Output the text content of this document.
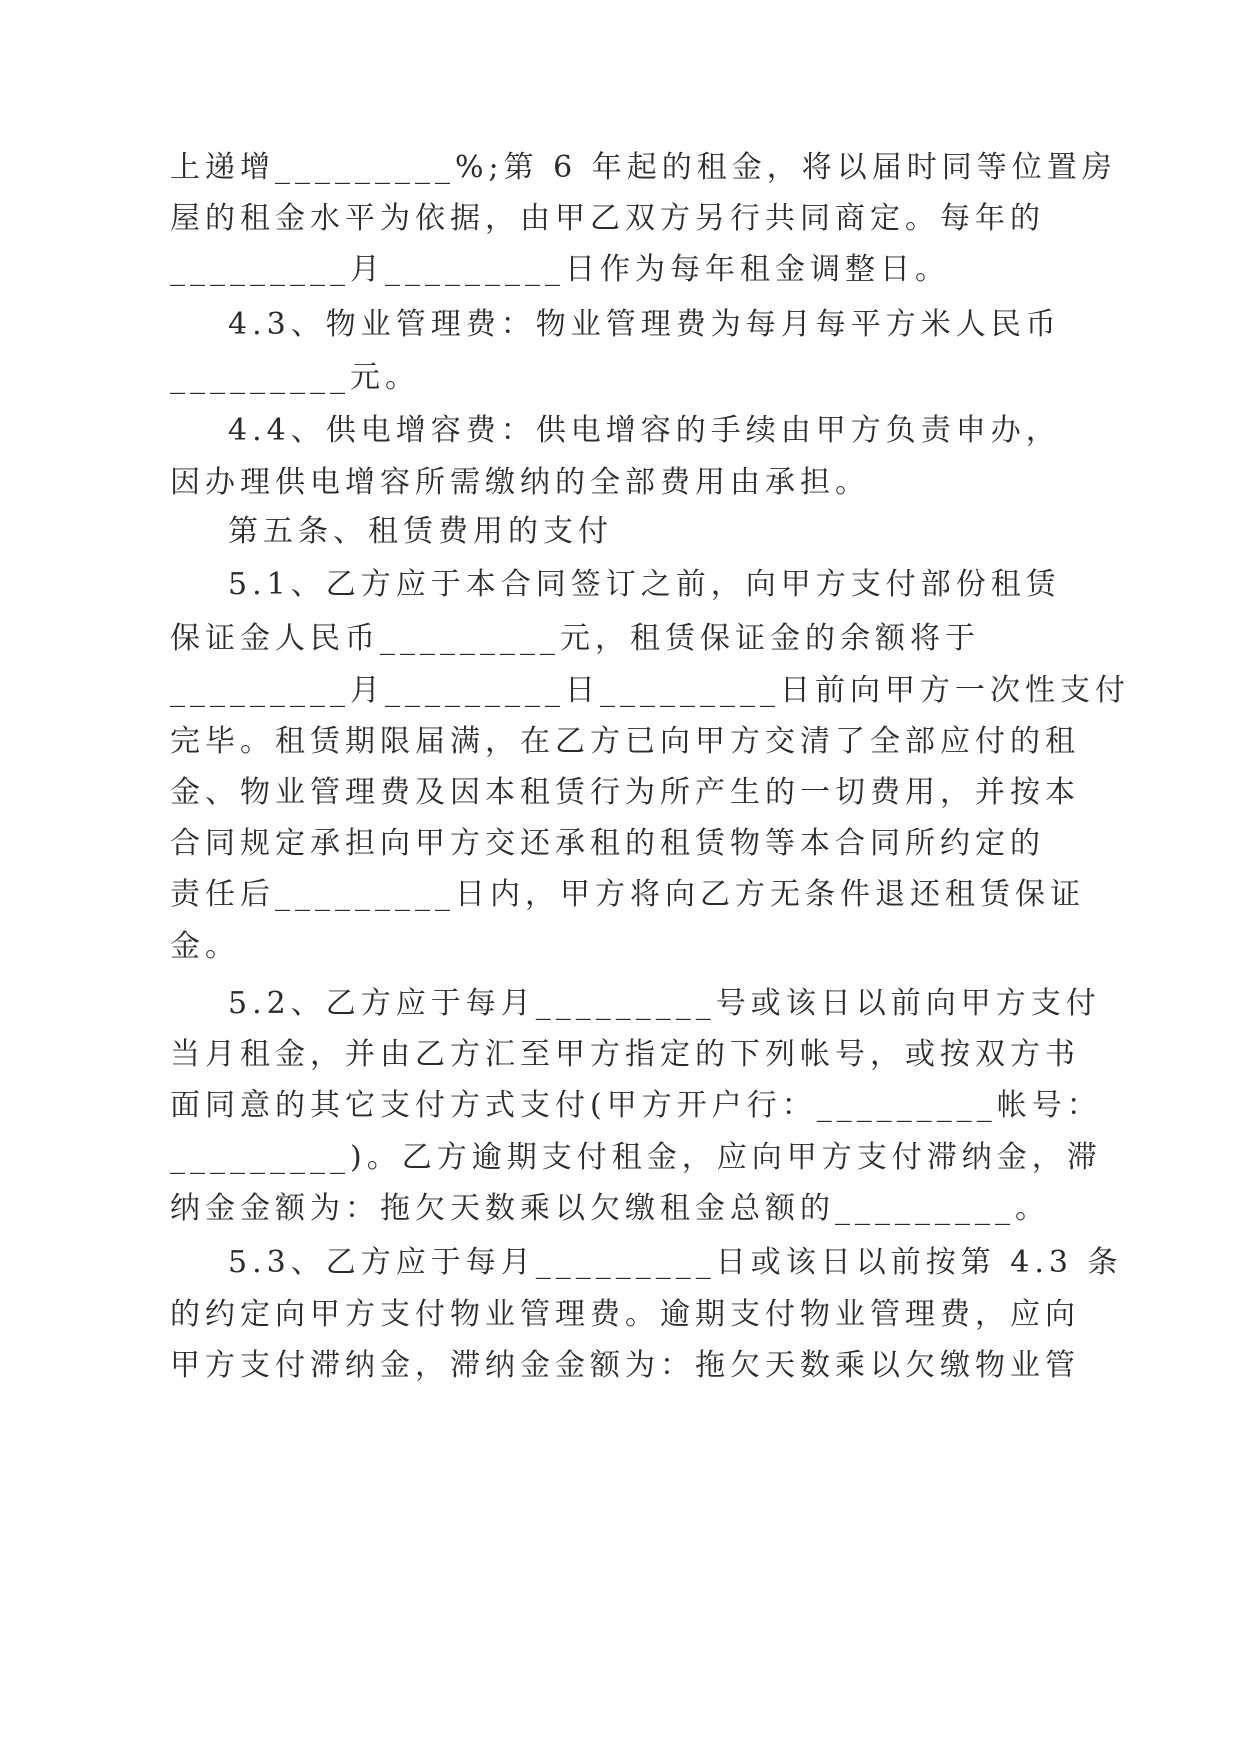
上递增_________%;第 6 年起的租金，将以届时同等位置房
屋的租金水平为依据，由甲乙双方另行共同商定。每年的
_________月_________日作为每年租金调整日。
4.3、物业管理费：物业管理费为每月每平方米人民币
_________元。
4.4、供电增容费：供电增容的手续由甲方负责申办，
因办理供电增容所需缴纳的全部费用由承担。
第五条、租赁费用的支付
5.1、乙方应于本合同签订之前，向甲方支付部份租赁
保证金人民币_________元，租赁保证金的余额将于
_________月_________日_________日前向甲方一次性支付
完毕。租赁期限届满，在乙方已向甲方交清了全部应付的租
金、物业管理费及因本租赁行为所产生的一切费用，并按本
合同规定承担向甲方交还承租的租赁物等本合同所约定的
责任后_________日内，甲方将向乙方无条件退还租赁保证
金。
5.2、乙方应于每月_________号或该日以前向甲方支付
当月租金，并由乙方汇至甲方指定的下列帐号，或按双方书
面同意的其它支付方式支付(甲方开户行：_________帐号：
_________)。乙方逾期支付租金，应向甲方支付滞纳金，滞
纳金金额为：拖欠天数乘以欠缴租金总额的_________。
5.3、乙方应于每月_________日或该日以前按第 4.3 条
的约定向甲方支付物业管理费。逾期支付物业管理费，应向
甲方支付滞纳金，滞纳金金额为：拖欠天数乘以欠缴物业管
